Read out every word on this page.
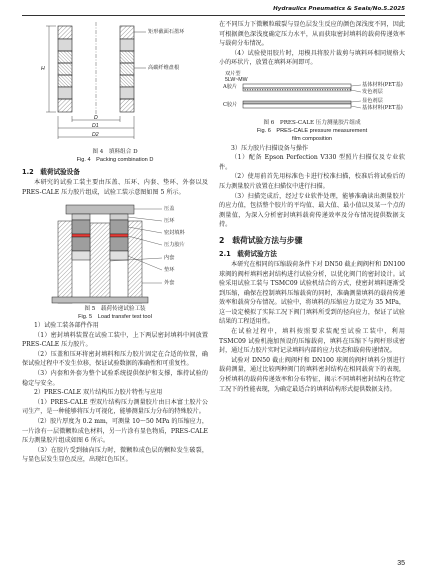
Hydraulics Pneumatics & Seals/No.5.2025
矩形截面石墨环
高碳纤维盘根
H
D
D1
D2
图 4　填料组合 D
Fig. 4　Packing combination D
1.2　载荷试验设备

本研究的试验工装主要由压盖、压环、内套、垫环、外套以及 PRES-CALE 压力胶片组成，试验工装示意图如图 5 所示。

压盖
压环
密封填料
压力胶片
内套
垫环
外套
图 5　载荷传递试验工装
Fig. 5　Load transfer test tool

1）试验工装各部件作用

（1）密封填料装置在试验工装中，上下两层密封填料中间放置 PRES-CALE 压力胶片。

（2）压盖和压环将密封填料和压力胶片固定在合适的位置，确保试验过程中不发生位移，保证试验数据的准确性和可重复性。

（3）内套和外套为整个试验系统提供保护和支撑，维持试验的稳定与安全。

2）PRES-CALE 双片结构压力胶片特性与应用

（1）PRES-CALE 型双片结构压力测量胶片由日本富士胶片公司生产，是一种能够将压力可视化，能够测量压力分布的特殊胶片。

（2）胶片厚度为 0.2 mm，可测量 10～50 MPa 的压缩应力，一片涂有一层微颗粒成色材料，另一片涂有显色物质，PRES-CALE 压力测量胶片组成如图 6 所示。

（3）在胶片受到轴向压力时，微颗粒成色层的颗粒发生破裂，与显色层发生显色反应，出现红色压区。

在不同压力下微颗粒破裂与显色层发生反应的颜色深浅度不同，因此可根据颜色深浅度确定压力水平，从而获取密封填料的载荷传递效率与载荷分布情况。

（4）试验使用胶片时，用模具将胶片裁剪与填料环相同规格大小的环状片，放置在填料环间即可。

双片型
5LW~MW
A胶片
C胶片
基体材料(PET基)
发色剂层
显色剂层
基体材料(PET基)
图 6　PRES-CALE 压力测量胶片组成
Fig. 6　PRES-CALE pressure measurement
film composition

3）压力胶片扫描设备与操作

（1）配备 Epson Perfection V330 型照片扫描仪及专业软件。

（2）使用前首先用标准色卡进行校准扫描，校准后将试验后的压力测量胶片放置在扫描仪中进行扫描。

（3）扫描完成后，经过专业软件处理，能够准确读出测量胶片的应力值，包括整个胶片的平均值、最大值、最小值以及某一个点的测量值，为深入分析密封填料载荷传递效率及分布情况提供数据支持。

2　载荷试验方法与步骤
2.1　载荷试验方法

本研究在相同的压缩载荷条件下对 DN50 截止阀阀杆和 DN100 球阀的阀杆填料密封结构进行试验分析，以优化阀门的密封设计。试验采用试验工装与 TSMC09 试验机结合的方式，使密封填料逐渐受到压缩，确保在控制填料压缩载荷的同时，准确测量填料的载荷传递效率和载荷分布情况。试验中，将填料的压缩应力设定为 35 MPa，这一设定模拟了实际工况下阀门填料所受到的径向应力，保证了试验结果的工程适用性。

在试验过程中，填料按照要求装配至试验工装中，利用 TSMC09 试验机施加预设的压缩载荷，填料在压缩下与阀杆形成密封，通过压力胶片实时记录填料内部的应力状态和载荷传递情况。

试验对 DN50 截止阀阀杆和 DN100 球阀的阀杆填料分别进行载荷测量，通过比较两种阀门的填料密封结构在相同载荷下的表现，分析填料的载荷传递效率和分布特征，揭示不同填料密封结构在特定工况下的性能表现，为确定最适合的填料结构形式提供数据支持。

35
